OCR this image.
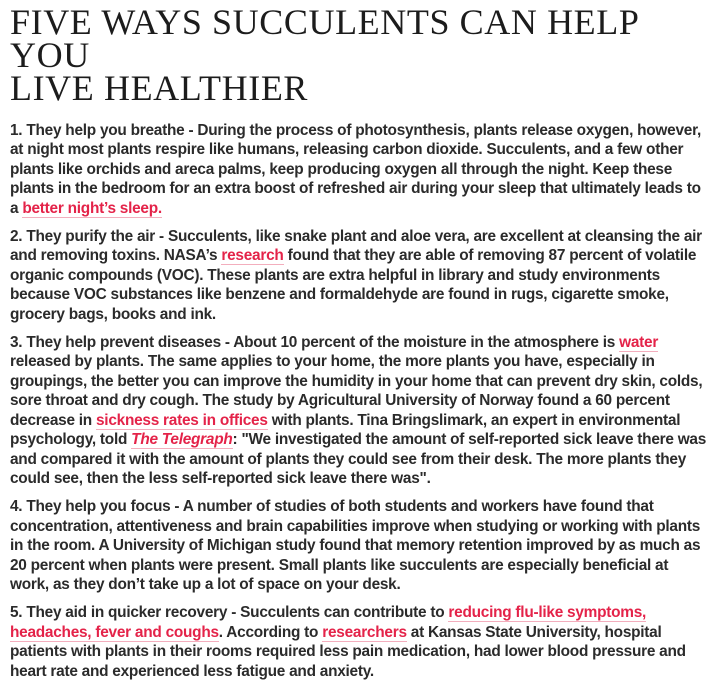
FIVE WAYS SUCCULENTS CAN HELP YOU
LIVE HEALTHIER

1. They help you breathe - During the process of photosynthesis, plants release oxygen, however, at night most plants respire like humans, releasing carbon dioxide. Succulents, and a few other plants like orchids and areca palms, keep producing oxygen all through the night. Keep these plants in the bedroom for an extra boost of refreshed air during your sleep that ultimately leads to a better night’s sleep.

2. They purify the air - Succulents, like snake plant and aloe vera, are excellent at cleansing the air and removing toxins. NASA’s research found that they are able of removing 87 percent of volatile organic compounds (VOC). These plants are extra helpful in library and study environments because VOC substances like benzene and formaldehyde are found in rugs, cigarette smoke, grocery bags, books and ink.

3. They help prevent diseases - About 10 percent of the moisture in the atmosphere is water released by plants. The same applies to your home, the more plants you have, especially in groupings, the better you can improve the humidity in your home that can prevent dry skin, colds, sore throat and dry cough. The study by Agricultural University of Norway found a 60 percent decrease in sickness rates in offices with plants. Tina Bringslimark, an expert in environmental psychology, told The Telegraph: "We investigated the amount of self-reported sick leave there was and compared it with the amount of plants they could see from their desk. The more plants they could see, then the less self-reported sick leave there was".

4. They help you focus - A number of studies of both students and workers have found that concentration, attentiveness and brain capabilities improve when studying or working with plants in the room. A University of Michigan study found that memory retention improved by as much as 20 percent when plants were present. Small plants like succulents are especially beneficial at work, as they don’t take up a lot of space on your desk.

5. They aid in quicker recovery - Succulents can contribute to reducing flu-like symptoms, headaches, fever and coughs. According to researchers at Kansas State University, hospital patients with plants in their rooms required less pain medication, had lower blood pressure and heart rate and experienced less fatigue and anxiety.
